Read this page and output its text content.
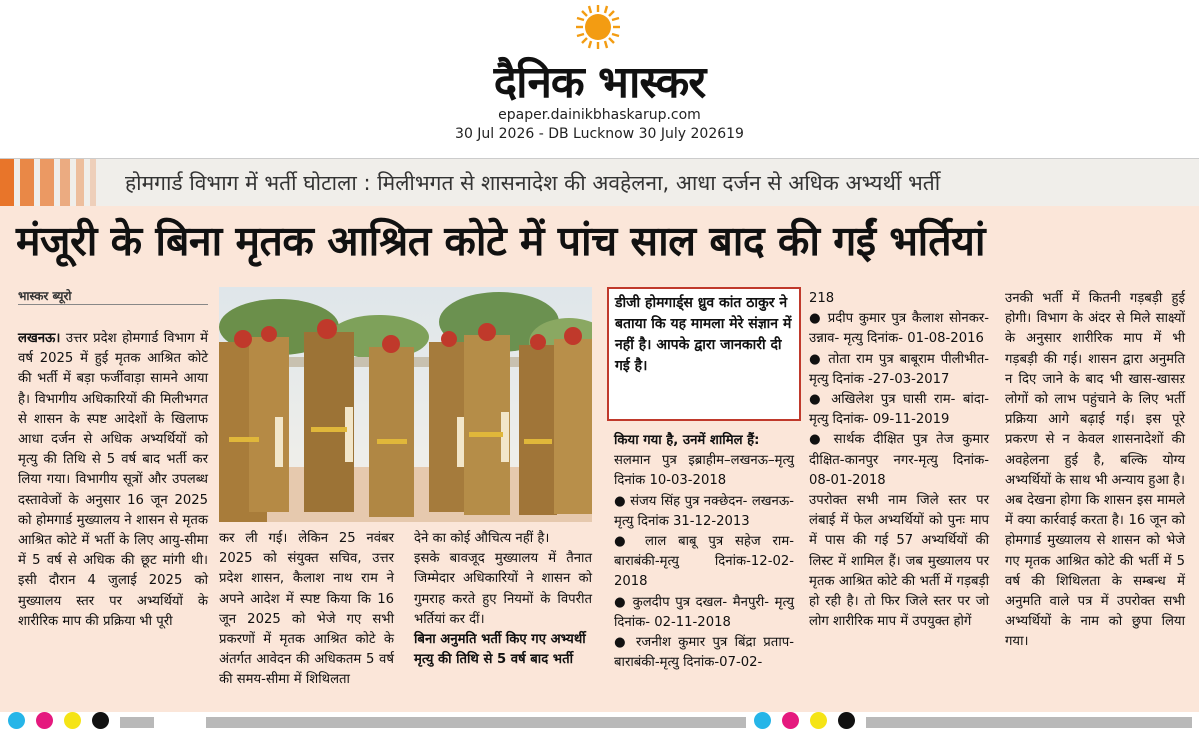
दैनिक भास्कर
epaper.dainikbhaskarup.com
30 Jul 2026 - DB Lucknow 30 July 202619
होमगार्ड विभाग में भर्ती घोटाला : मिलीभगत से शासनादेश की अवहेलना, आधा दर्जन से अधिक अभ्यर्थी भर्ती
मंजूरी के बिना मृतक आश्रित कोटे में पांच साल बाद की गईं भर्तियां
भास्कर ब्यूरो

लखनऊ। उत्तर प्रदेश होमगार्ड विभाग में वर्ष 2025 में हुई मृतक आश्रित कोटे की भर्ती में बड़ा फर्जीवाड़ा सामने आया है। विभागीय अधिकारियों की मिलीभगत से शासन के स्पष्ट आदेशों के खिलाफ आधा दर्जन से अधिक अभ्यर्थियों को मृत्यु की तिथि से 5 वर्ष बाद भर्ती कर लिया गया। विभागीय सूत्रों और उपलब्ध दस्तावेजों के अनुसार 16 जून 2025 को होमगार्ड मुख्यालय ने शासन से मृतक आश्रित कोटे में भर्ती के लिए आयु-सीमा में 5 वर्ष से अधिक की छूट मांगी थी। इसी दौरान 4 जुलाई 2025 को मुख्यालय स्तर पर अभ्यर्थियों के शारीरिक माप की प्रक्रिया भी पूरी

कर ली गई। लेकिन 25 नवंबर 2025 को संयुक्त सचिव, उत्तर प्रदेश शासन, कैलाश नाथ राम ने अपने आदेश में स्पष्ट किया कि 16 जून 2025 को भेजे गए सभी प्रकरणों में मृतक आश्रित कोटे के अंतर्गत आवेदन की अधिकतम 5 वर्ष की समय-सीमा में शिथिलता

देने का कोई औचित्य नहीं है।

इसके बावजूद मुख्यालय में तैनात जिम्मेदार अधिकारियों ने शासन को गुमराह करते हुए नियमों के विपरीत भर्तियां कर दीं।

बिना अनुमति भर्ती किए गए अभ्यर्थी

मृत्यु की तिथि से 5 वर्ष बाद भर्ती

डीजी होमगार्ड्स ध्रुव कांत ठाकुर ने बताया कि यह मामला मेरे संज्ञान में नहीं है। आपके द्वारा जानकारी दी गई है।

किया गया है, उनमें शामिल हैं:

सलमान पुत्र इब्राहीम–लखनऊ–मृत्यु दिनांक 10-03-2018

● संजय सिंह पुत्र नक्छेदन- लखनऊ- मृत्यु दिनांक 31-12-2013

● लाल बाबू पुत्र सहेज राम- बाराबंकी-मृत्यु दिनांक-12-02-2018

● कुलदीप पुत्र दखल- मैनपुरी- मृत्यु दिनांक- 02-11-2018

● रजनीश कुमार पुत्र बिंद्रा प्रताप- बाराबंकी-मृत्यु दिनांक-07-02-

218

● प्रदीप कुमार पुत्र कैलाश सोनकर- उन्नाव- मृत्यु दिनांक- 01-08-2016

● तोता राम पुत्र बाबूराम पीलीभीत-मृत्यु दिनांक -27-03-2017

● अखिलेश पुत्र घासी राम- बांदा- मृत्यु दिनांक- 09-11-2019

● सार्थक दीक्षित पुत्र तेज कुमार दीक्षित-कानपुर नगर-मृत्यु दिनांक- 08-01-2018

उपरोक्त सभी नाम जिले स्तर पर लंबाई में फेल अभ्यर्थियों को पुनः माप में पास की गई 57 अभ्यर्थियों की लिस्ट में शामिल हैं। जब मुख्यालय पर मृतक आश्रित कोटे की भर्ती में गड़बड़ी हो रही है। तो फिर जिले स्तर पर जो लोग शारीरिक माप में उपयुक्त होगें

उनकी भर्ती में कितनी गड़बड़ी हुई होगी। विभाग के अंदर से मिले साक्ष्यों के अनुसार शारीरिक माप में भी गड़बड़ी की गई। शासन द्वारा अनुमति न दिए जाने के बाद भी खास-खासऱ लोगों को लाभ पहुंचाने के लिए भर्ती प्रक्रिया आगे बढ़ाई गई। इस पूरे प्रकरण से न केवल शासनादेशों की अवहेलना हुई है, बल्कि योग्य अभ्यर्थियों के साथ भी अन्याय हुआ है। अब देखना होगा कि शासन इस मामले में क्या कार्रवाई करता है। 16 जून को होमगार्ड मुख्यालय से शासन को भेजे गए मृतक आश्रित कोटे की भर्ती में 5 वर्ष की शिथिलता के सम्बन्ध में अनुमति वाले पत्र में उपरोक्त सभी अभ्यर्थियों के नाम को छुपा लिया गया।
